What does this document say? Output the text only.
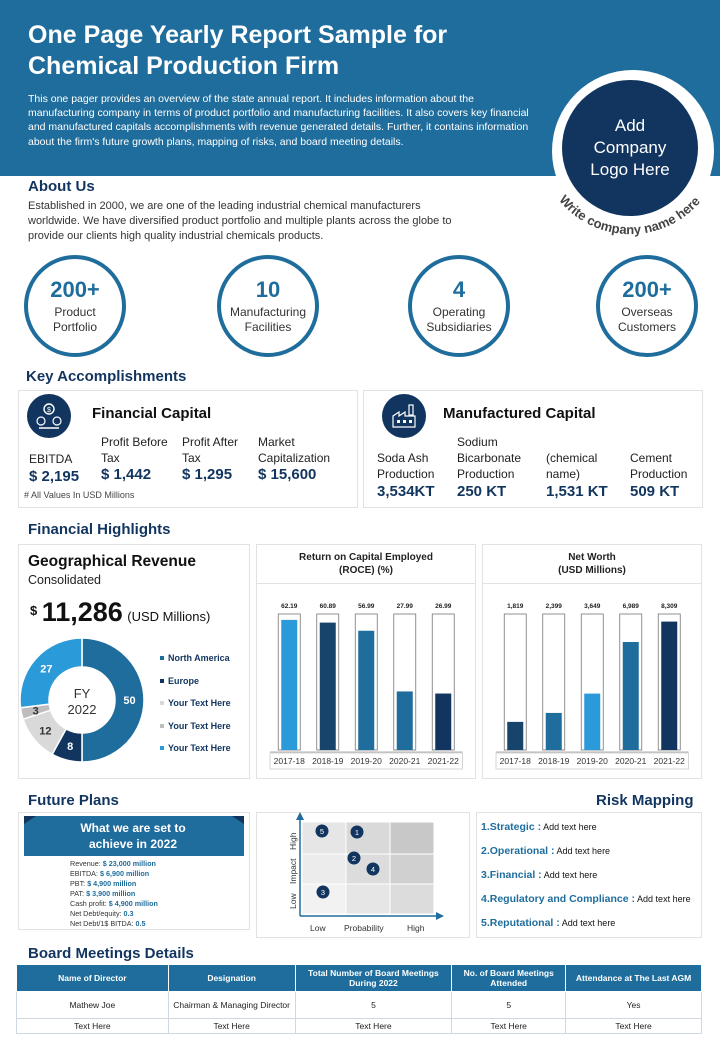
One Page Yearly Report Sample for Chemical Production Firm
This one pager provides an overview of the state annual report. It includes information about the manufacturing company in terms of product portfolio and manufacturing facilities. It also covers key financial and manufactured capitals accomplishments with revenue generated details. Further, it contains information about the firm's future growth plans, mapping of risks, and board meeting details.
Add Company Logo Here
Write company name here
About Us
Established in 2000, we are one of the leading industrial chemical manufacturers worldwide. We have diversified product portfolio and multiple plants across the globe to provide our clients high quality industrial chemicals products.
200+
Product Portfolio
10
Manufacturing Facilities
4
Operating Subsidiaries
200+
Overseas Customers
Key Accomplishments
$	Financial Capital
EBITDA
$ 2,195
Profit Before Tax
$ 1,442
Profit After Tax
$ 1,295
Market Capitalization
$ 15,600
# All Values In USD Millions
Manufactured Capital
Soda Ash Production
3,534KT
Sodium Bicarbonate Production
250 KT
(chemical name)
1,531 KT
Cement Production
509 KT
Financial Highlights
Geographical Revenue
Consolidated
$ 11,286 (USD Millions)
50
8
12
3
27
FY
2022
North America
Europe
Your Text Here
Your Text Here
Your Text Here
Return on Capital Employed
(ROCE) (%)
62.19
2017-18
60.89
2018-19
56.99
2019-20
27.99
2020-21
26.99
2021-22
Net Worth
(USD Millions)
1,819
2017-18
2,399
2018-19
3,649
2019-20
6,989
2020-21
8,309
2021-22
Future Plans
What we are set to achieve in 2022
Revenue: $ 23,000 million
EBITDA: $ 6,900 million
PBT: $ 4,900 million
PAT: $ 3,900 million
Cash profit: $ 4,900 million
Net Debt/equity: 0.3
Net Debt/1$ BITDA: 0.5
5	1
2
4
3
Low
Impact
High
Low Probability	High
Risk Mapping
1.Strategic : Add text here
2.Operational : Add text here
3.Financial : Add text here
4.Regulatory and Compliance : Add text here
5.Reputational : Add text here
Board Meetings Details
Name of Director	Designation	Total Number of Board Meetings During 2022	No. of Board Meetings Attended	Attendance at The Last AGM
Mathew Joe	Chairman & Managing Director	5	5	Yes
Text Here	Text Here	Text Here	Text Here	Text Here
